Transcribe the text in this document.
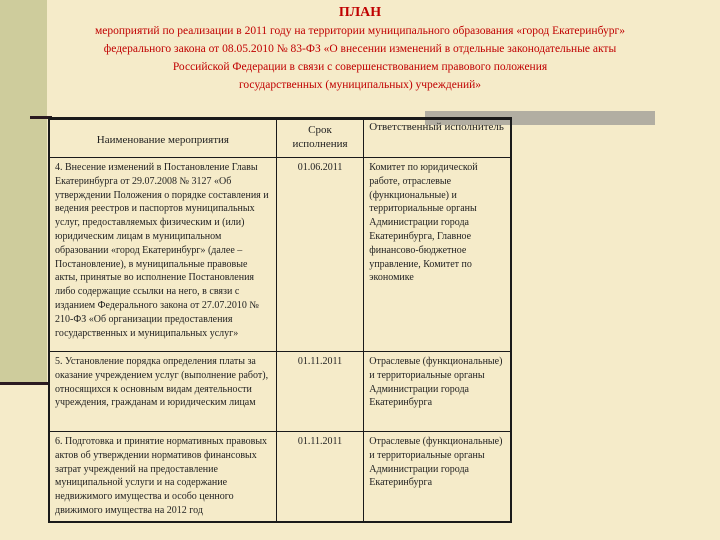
ПЛАН
мероприятий по реализации в 2011 году на территории муниципального образования «город Екатеринбург»
федерального закона от 08.05.2010 № 83-ФЗ «О внесении изменений в отдельные законодательные акты
Российской Федерации в связи с совершенствованием правового положения
государственных (муниципальных) учреждений»
Наименование мероприятия	Срок исполнения	Ответственный исполнитель
4. Внесение изменений в Постановление Главы Екатеринбурга от 29.07.2008 № 3127 «Об утверждении Положения о порядке составления и ведения реестров и паспортов муниципальных услуг, предоставляемых физическим и (или) юридическим лицам в муниципальном образовании «город Екатеринбург» (далее – Постановление), в муниципальные правовые акты, принятые во исполнение Постановления либо содержащие ссылки на него, в связи с изданием Федерального закона от 27.07.2010 № 210-ФЗ «Об организации предоставления государственных и муниципальных услуг»	01.06.2011	Комитет по юридической работе, отраслевые (функциональные) и территориальные органы Администрации города Екатеринбурга, Главное финансово-бюджетное управление, Комитет по экономике
5. Установление порядка определения платы за оказание учреждением услуг (выполнение работ), относящихся к основным видам деятельности учреждения, гражданам и юридическим лицам	01.11.2011	Отраслевые (функциональные) и территориальные органы Администрации города Екатеринбурга
6. Подготовка и принятие нормативных правовых актов об утверждении нормативов финансовых затрат учреждений на предоставление муниципальной услуги и на содержание недвижимого имущества и особо ценного движимого имущества на 2012 год	01.11.2011	Отраслевые (функциональные) и территориальные органы Администрации города Екатеринбурга
